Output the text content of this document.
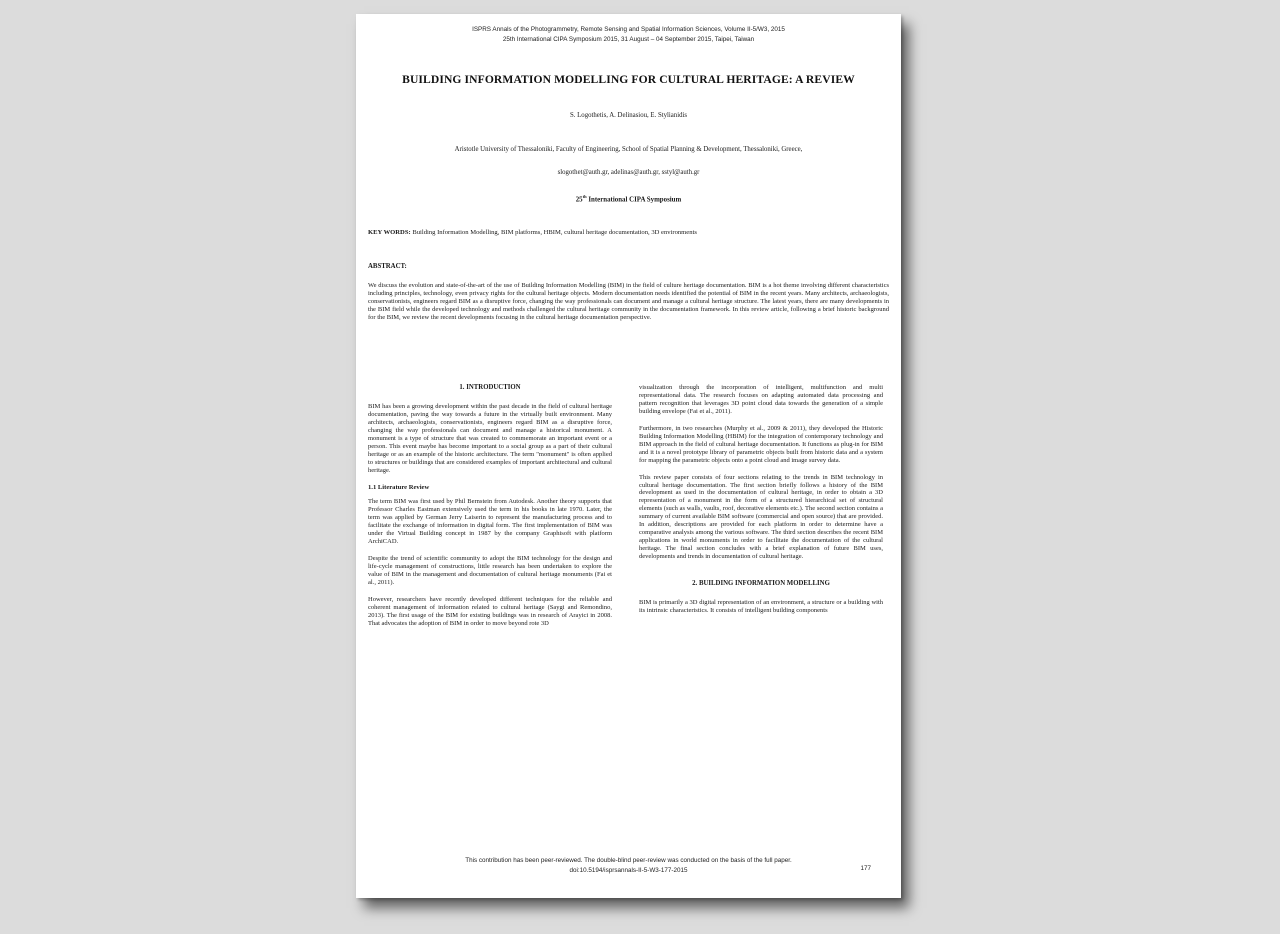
ISPRS Annals of the Photogrammetry, Remote Sensing and Spatial Information Sciences, Volume II-5/W3, 2015
25th International CIPA Symposium 2015, 31 August – 04 September 2015, Taipei, Taiwan
BUILDING INFORMATION MODELLING FOR CULTURAL HERITAGE: A REVIEW
S. Logothetis, A. Delinasiou, E. Stylianidis
Aristotle University of Thessaloniki, Faculty of Engineering, School of Spatial Planning & Development, Thessaloniki, Greece,
slogothet@auth.gr, adelinas@auth.gr, sstyl@auth.gr
25th International CIPA Symposium
KEY WORDS: Building Information Modelling, BIM platforms, HBIM, cultural heritage documentation, 3D environments
ABSTRACT:
We discuss the evolution and state-of-the-art of the use of Building Information Modelling (BIM) in the field of culture heritage documentation. BIM is a hot theme involving different characteristics including principles, technology, even privacy rights for the cultural heritage objects. Modern documentation needs identified the potential of BIM in the recent years. Many architects, archaeologists, conservationists, engineers regard BIM as a disruptive force, changing the way professionals can document and manage a cultural heritage structure. The latest years, there are many developments in the BIM field while the developed technology and methods challenged the cultural heritage community in the documentation framework. In this review article, following a brief historic background for the BIM, we review the recent developments focusing in the cultural heritage documentation perspective.
1. INTRODUCTION

BIM has been a growing development within the past decade in the field of cultural heritage documentation, paving the way towards a future in the virtually built environment. Many architects, archaeologists, conservationists, engineers regard BIM as a disruptive force, changing the way professionals can document and manage a historical monument. A monument is a type of structure that was created to commemorate an important event or a person. This event maybe has become important to a social group as a part of their cultural heritage or as an example of the historic architecture. The term "monument" is often applied to structures or buildings that are considered examples of important architectural and cultural heritage.

1.1 Literature Review

The term BIM was first used by Phil Bernstein from Autodesk. Another theory supports that Professor Charles Eastman extensively used the term in his books in late 1970. Later, the term was applied by German Jerry Laiserin to represent the manufacturing process and to facilitate the exchange of information in digital form. The first implementation of BIM was under the Virtual Building concept in 1987 by the company Graphisoft with platform ArchiCAD.

Despite the trend of scientific community to adopt the BIM technology for the design and life-cycle management of constructions, little research has been undertaken to explore the value of BIM in the management and documentation of cultural heritage monuments (Fai et al., 2011).

However, researchers have recently developed different techniques for the reliable and coherent management of information related to cultural heritage (Saygi and Remondino, 2013). The first usage of the BIM for existing buildings was in research of Arayici in 2008. That advocates the adoption of BIM in order to move beyond rote 3D

visualization through the incorporation of intelligent, multifunction and multi representational data. The research focuses on adapting automated data processing and pattern recognition that leverages 3D point cloud data towards the generation of a simple building envelope (Fai et al., 2011).

Furthermore, in two researches (Murphy et al., 2009 & 2011), they developed the Historic Building Information Modelling (HBIM) for the integration of contemporary technology and BIM approach in the field of cultural heritage documentation. It functions as plug-in for BIM and it is a novel prototype library of parametric objects built from historic data and a system for mapping the parametric objects onto a point cloud and image survey data.

This review paper consists of four sections relating to the trends in BIM technology in cultural heritage documentation. The first section briefly follows a history of the BIM development as used in the documentation of cultural heritage, in order to obtain a 3D representation of a monument in the form of a structured hierarchical set of structural elements (such as walls, vaults, roof, decorative elements etc.). The second section contains a summary of current available BIM software (commercial and open source) that are provided. In addition, descriptions are provided for each platform in order to determine have a comparative analysis among the various software. The third section describes the recent BIM applications in world monuments in order to facilitate the documentation of the cultural heritage. The final section concludes with a brief explanation of future BIM uses, developments and trends in documentation of cultural heritage.

2. BUILDING INFORMATION MODELLING

BIM is primarily a 3D digital representation of an environment, a structure or a building with its intrinsic characteristics. It consists of intelligent building components

This contribution has been peer-reviewed. The double-blind peer-review was conducted on the basis of the full paper.
doi:10.5194/isprsannals-II-5-W3-177-2015	177
